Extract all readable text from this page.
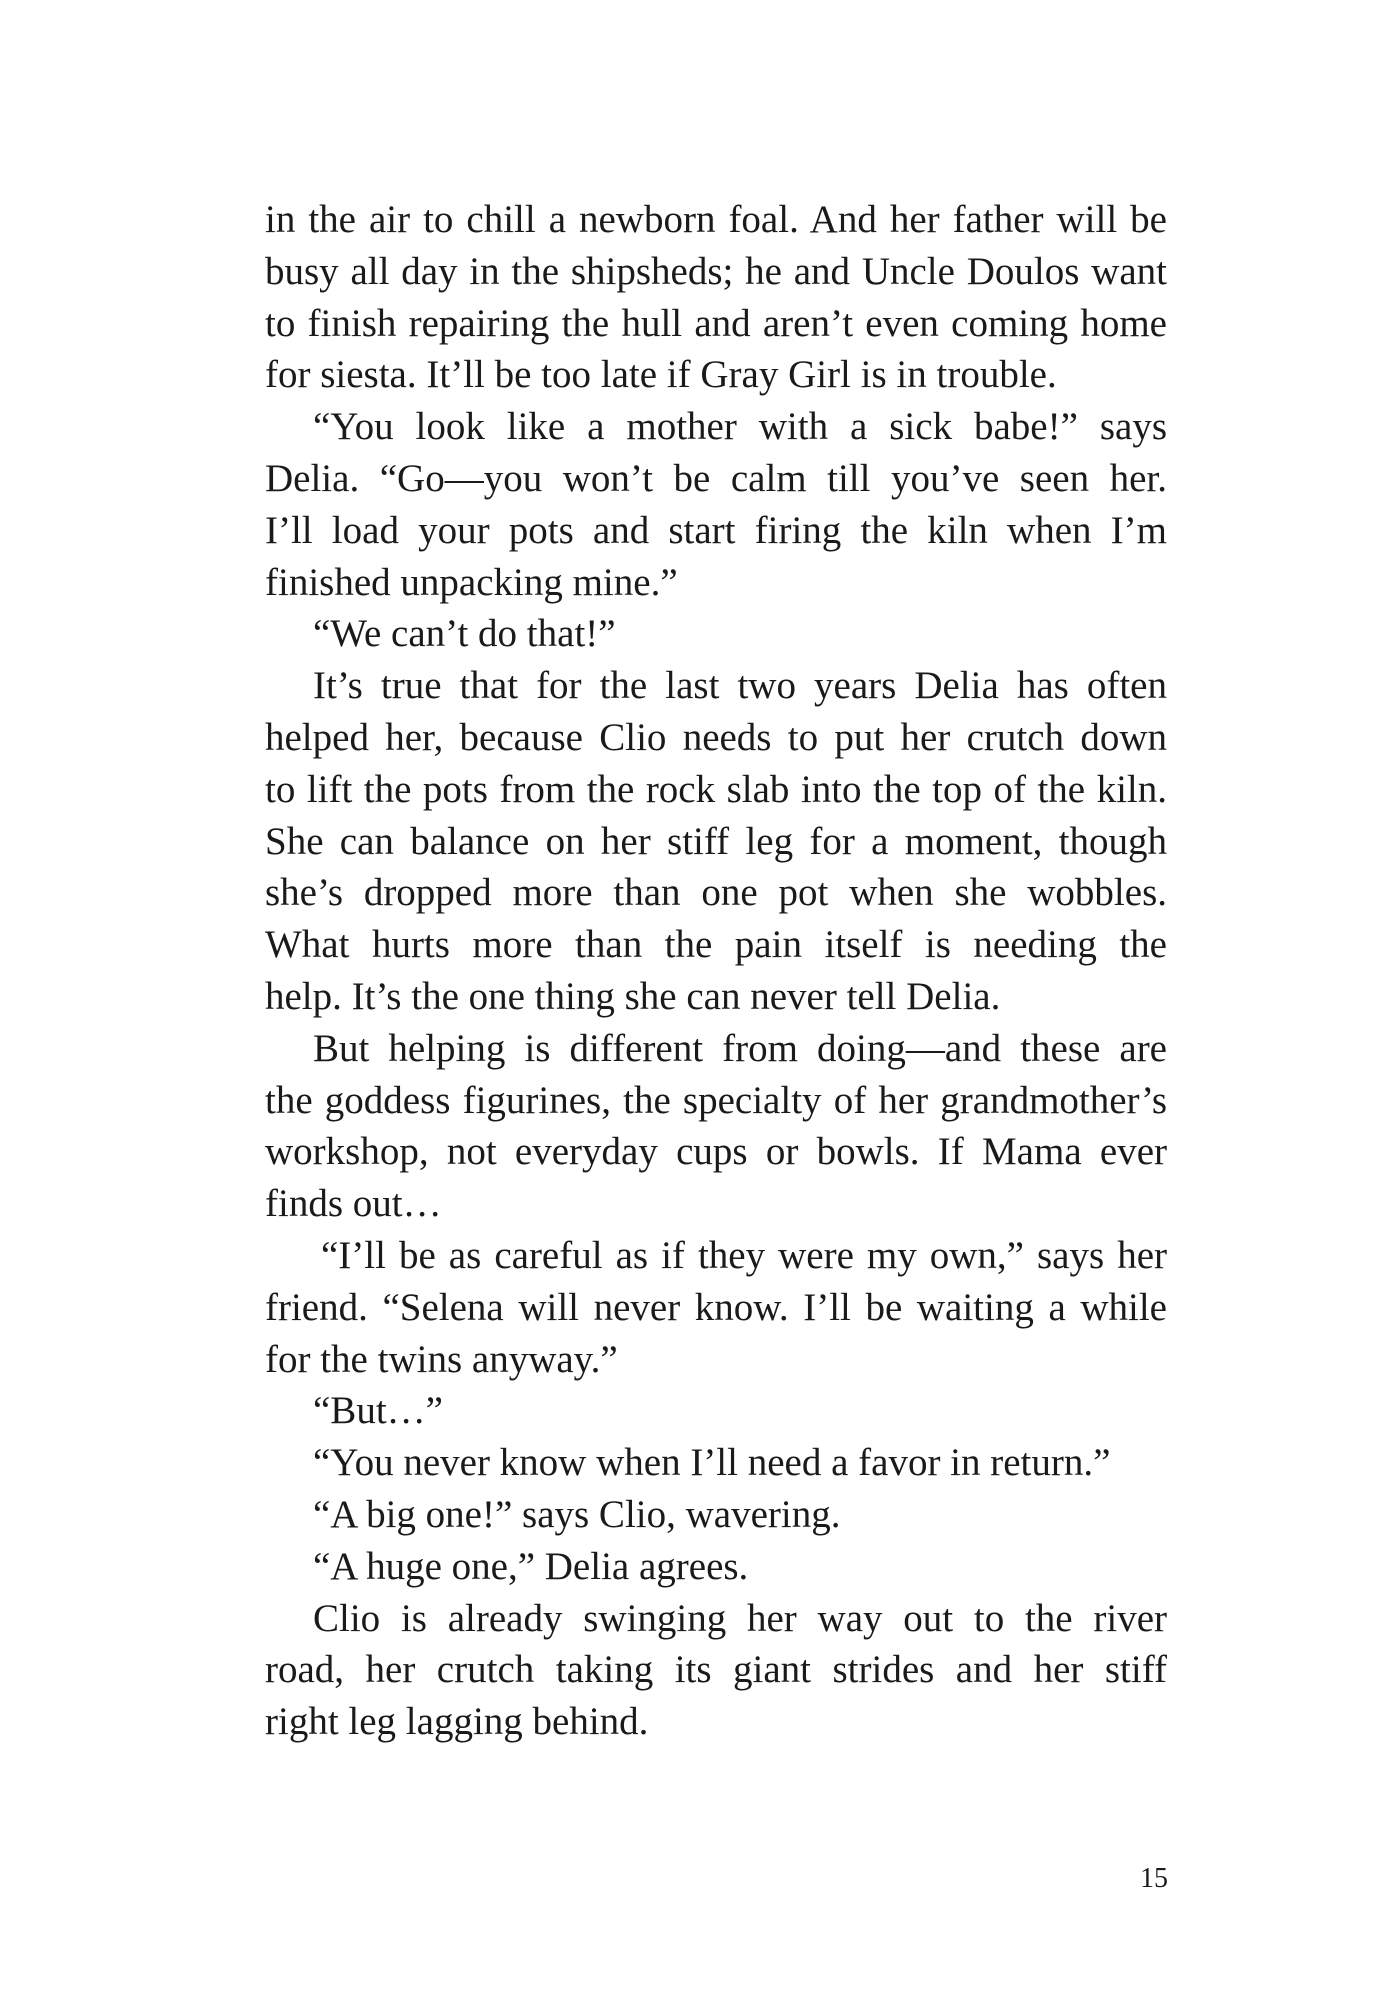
in the air to chill a newborn foal. And her father will be
busy all day in the shipsheds; he and Uncle Doulos want
to finish repairing the hull and aren’t even coming home
for siesta. It’ll be too late if Gray Girl is in trouble.
“You look like a mother with a sick babe!” says
Delia. “Go—you won’t be calm till you’ve seen her.
I’ll load your pots and start firing the kiln when I’m
finished unpacking mine.”
“We can’t do that!”
It’s true that for the last two years Delia has often
helped her, because Clio needs to put her crutch down
to lift the pots from the rock slab into the top of the kiln.
She can balance on her stiff leg for a moment, though
she’s dropped more than one pot when she wobbles.
What hurts more than the pain itself is needing the
help. It’s the one thing she can never tell Delia.
But helping is different from doing—and these are
the goddess figurines, the specialty of her grandmother’s
workshop, not everyday cups or bowls. If Mama ever
finds out…
“I’ll be as careful as if they were my own,” says her
friend. “Selena will never know. I’ll be waiting a while
for the twins anyway.”
“But…”
“You never know when I’ll need a favor in return.”
“A big one!” says Clio, wavering.
“A huge one,” Delia agrees.
Clio is already swinging her way out to the river
road, her crutch taking its giant strides and her stiff
right leg lagging behind.
15
